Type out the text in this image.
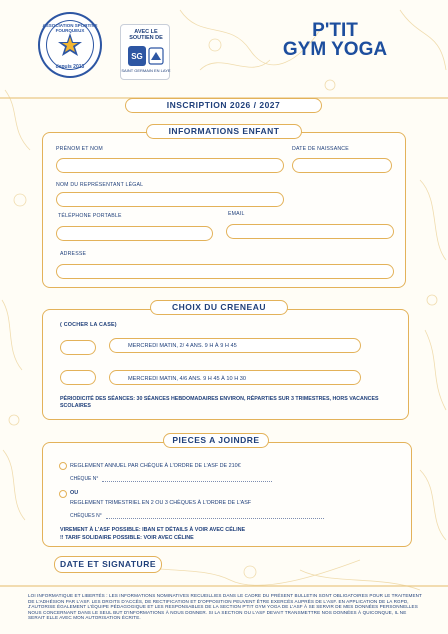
ASSOCIATION SPORTIVE FOURQUEUX
depuis 2013
AVEC LE
SOUTIEN DE
SG
SAINT GERMAIN EN LAYE
P'TIT
GYM YOGA
INSCRIPTION 2026 / 2027
INFORMATIONS ENFANT
PRÉNOM ET NOM	DATE DE NAISSANCE
NOM DU REPRÉSENTANT LÉGAL
TÉLÉPHONE PORTABLE	EMAIL
ADRESSE
CHOIX DU CRENEAU
( COCHER LA CASE)
MERCREDI MATIN, 2/ 4 ANS. 9 H À 9 H 45
MERCREDI MATIN, 4/6 ANS. 9 H 45 À 10 H 30
PÉRIODICITÉ DES SÉANCES: 30 SÉANCES HEBDOMADAIRES ENVIRON, RÉPARTIES SUR 3 TRIMESTRES, HORS VACANCES SCOLAIRES
PIECES A JOINDRE
REGLEMENT ANNUEL PAR CHÈQUE À L'ORDRE DE L'ASF DE 210€
CHÈQUE N°
OU
REGLEMENT TRIMESTRIEL EN 2 OU 3 CHÈQUES À L'ORDRE DE L'ASF
CHÈQUES N°
VIREMENT À L'ASF POSSIBLE: IBAN ET DÉTAILS À VOIR AVEC CÉLINE
!! TARIF SOLIDAIRE POSSIBLE: VOIR AVEC CÉLINE
DATE ET SIGNATURE
LOI INFORMATIQUE ET LIBERTÉS : LES INFORMATIONS NOMINATIVES RECUEILLIES DANS LE CADRE DU PRÉSENT BULLETIN SONT OBLIGATOIRES POUR LE TRAITEMENT DE L'ADHÉSION PAR L'ASF. LES DROITS D'ACCÈS, DE RECTIFICATION ET D'OPPOSITION PEUVENT ÊTRE EXERCÉS AUPRÈS DE L'ASF. EN APPLICATION DE LA RGPD, J'AUTORISE ÉGALEMENT L'ÉQUIPE PÉDAGOGIQUE ET LES RESPONSABLES DE LA SECTION P'TIT GYM YOGA DE L'ASF À SE SERVIR DE MES DONNÉES PERSONNELLES NOUS CONCERNANT DANS LE SEUL BUT D'INFORMATIONS À NOUS DONNER. SI LA SECTION OU L'ASF DEVAIT TRANSMETTRE NOS DONNÉES À QUICONQUE, IL NE SERAIT ELLE AVEC MON AUTORISATION ÉCRITE.
